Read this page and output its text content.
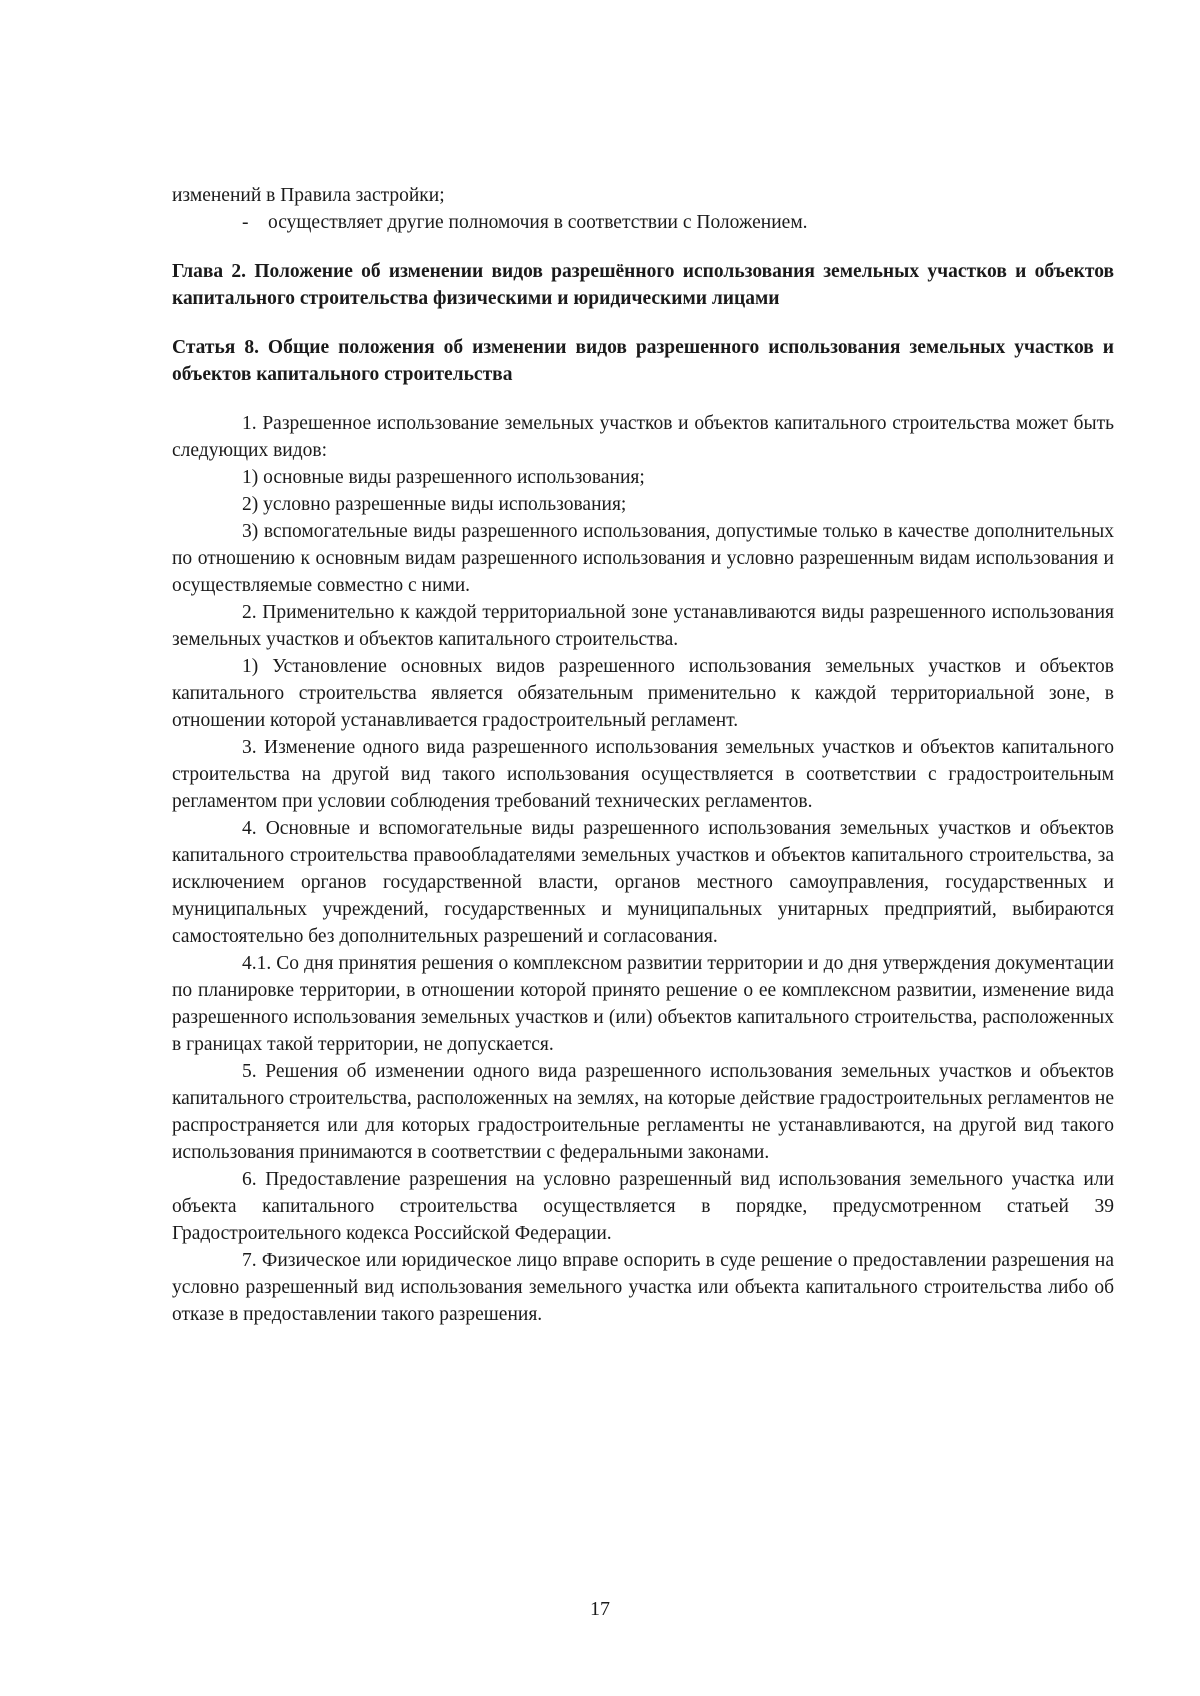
изменений в Правила застройки;

- осуществляет другие полномочия в соответствии с Положением.

Глава 2. Положение об изменении видов разрешённого использования земельных участков и объектов капитального строительства физическими и юридическими лицами

Статья 8. Общие положения об изменении видов разрешенного использования земельных участков и объектов капитального строительства

1. Разрешенное использование земельных участков и объектов капитального строительства может быть следующих видов:

1) основные виды разрешенного использования;

2) условно разрешенные виды использования;

3) вспомогательные виды разрешенного использования, допустимые только в качестве дополнительных по отношению к основным видам разрешенного использования и условно разрешенным видам использования и осуществляемые совместно с ними.

2. Применительно к каждой территориальной зоне устанавливаются виды разрешенного использования земельных участков и объектов капитального строительства.

1) Установление основных видов разрешенного использования земельных участков и объектов капитального строительства является обязательным применительно к каждой территориальной зоне, в отношении которой устанавливается градостроительный регламент.

3. Изменение одного вида разрешенного использования земельных участков и объектов капитального строительства на другой вид такого использования осуществляется в соответствии с градостроительным регламентом при условии соблюдения требований технических регламентов.

4. Основные и вспомогательные виды разрешенного использования земельных участков и объектов капитального строительства правообладателями земельных участков и объектов капитального строительства, за исключением органов государственной власти, органов местного самоуправления, государственных и муниципальных учреждений, государственных и муниципальных унитарных предприятий, выбираются самостоятельно без дополнительных разрешений и согласования.

4.1. Со дня принятия решения о комплексном развитии территории и до дня утверждения документации по планировке территории, в отношении которой принято решение о ее комплексном развитии, изменение вида разрешенного использования земельных участков и (или) объектов капитального строительства, расположенных в границах такой территории, не допускается.

5. Решения об изменении одного вида разрешенного использования земельных участков и объектов капитального строительства, расположенных на землях, на которые действие градостроительных регламентов не распространяется или для которых градостроительные регламенты не устанавливаются, на другой вид такого использования принимаются в соответствии с федеральными законами.

6. Предоставление разрешения на условно разрешенный вид использования земельного участка или объекта капитального строительства осуществляется в порядке, предусмотренном статьей 39 Градостроительного кодекса Российской Федерации.

7. Физическое или юридическое лицо вправе оспорить в суде решение о предоставлении разрешения на условно разрешенный вид использования земельного участка или объекта капитального строительства либо об отказе в предоставлении такого разрешения.

17
